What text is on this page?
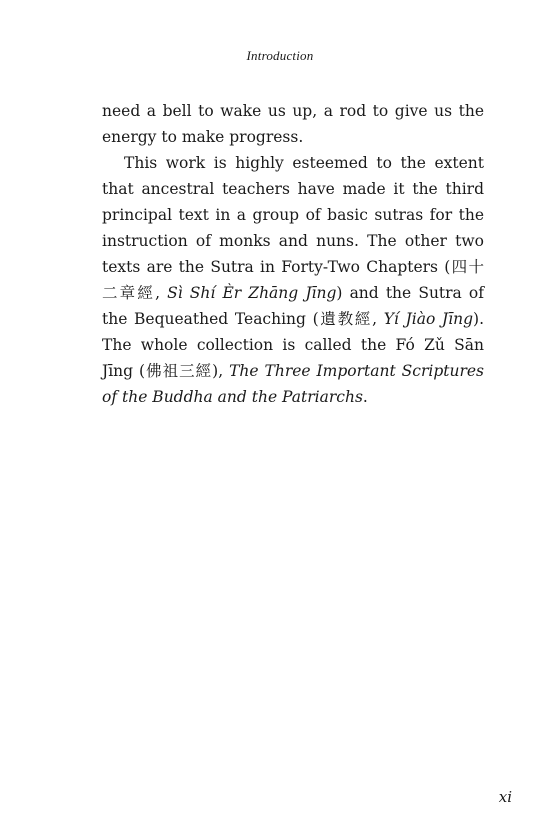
Introduction

need a bell to wake us up, a rod to give us the energy to make progress.

This work is highly esteemed to the extent that ancestral teachers have made it the third principal text in a group of basic sutras for the instruction of monks and nuns. The other two texts are the Sutra in Forty-Two Chapters (四十二章經, Sì Shí Èr Zhāng Jīng) and the Sutra of the Bequeathed Teaching (遺教經, Yí Jiào Jīng). The whole collection is called the Fó Zǔ Sān Jīng (佛祖三經), The Three Important Scriptures of the Buddha and the Patriarchs.

xi
